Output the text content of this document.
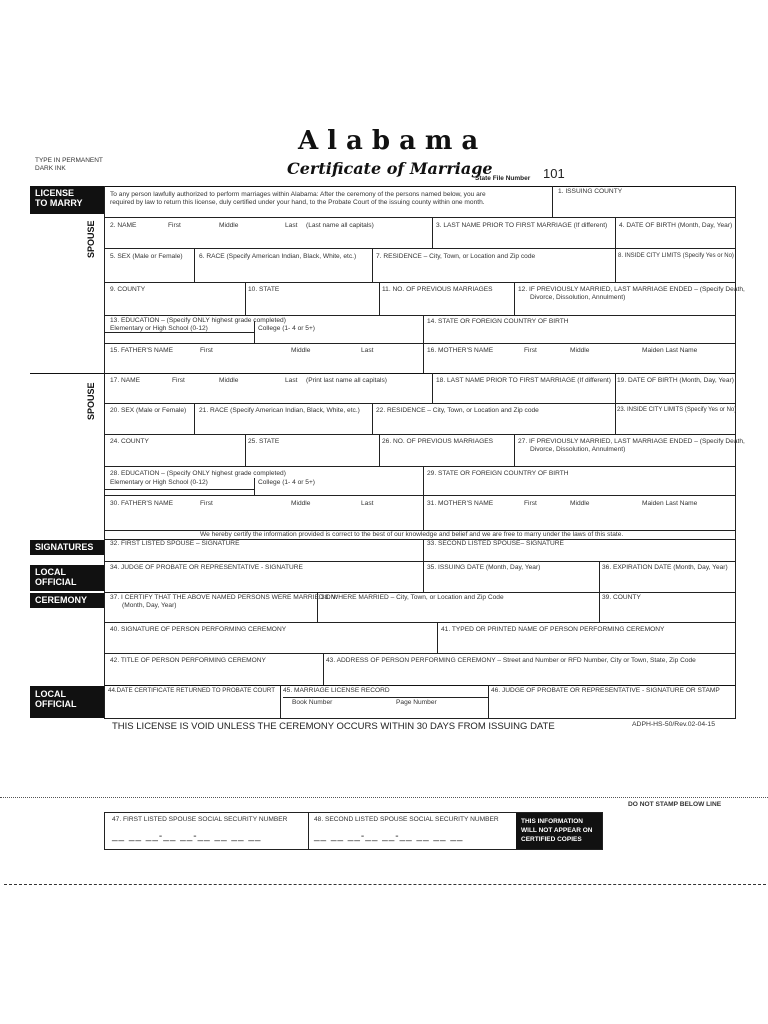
Alabama
Certificate of Marriage
State File Number 101
TYPE IN PERMANENT
DARK INK
LICENSE
TO MARRY
SPOUSE
SPOUSE
SIGNATURES
LOCAL
OFFICIAL
CEREMONY
LOCAL
OFFICIAL
To any person lawfully authorized to perform marriages within Alabama: After the ceremony of the persons named below, you are
required by law to return this license, duly certified under your hand, to the Probate Court of the issuing county within one month.
1. ISSUING COUNTY
2. NAME	First	Middle	Last (Last name all capitals)	3. LAST NAME PRIOR TO FIRST MARRIAGE (If different) 4. DATE OF BIRTH (Month, Day, Year)
5. SEX (Male or Female) 6. RACE (Specify American Indian, Black, White, etc.)	7. RESIDENCE – City, Town, or Location and Zip code	8. INSIDE CITY LIMITS (Specify Yes or No)
9. COUNTY	10. STATE	11. NO. OF PREVIOUS MARRIAGES	12. IF PREVIOUSLY MARRIED, LAST MARRIAGE ENDED – (Specify Death,
Divorce, Dissolution, Annulment)
13. EDUCATION – (Specify ONLY highest grade completed)
Elementary or High School (0-12)	College (1- 4 or 5+)
14. STATE OR FOREIGN COUNTRY OF BIRTH
15. FATHER'S NAME	First	Middle	Last	16. MOTHER'S NAME	First	Middle	Maiden Last Name
17. NAME	First	Middle	Last (Print last name all capitals)	18. LAST NAME PRIOR TO FIRST MARRIAGE (If different) 19. DATE OF BIRTH (Month, Day, Year)
20. SEX (Male or Female) 21. RACE (Specify American Indian, Black, White, etc.) 22. RESIDENCE – City, Town, or Location and Zip code	23. INSIDE CITY LIMITS (Specify Yes or No)
24. COUNTY	25. STATE	26. NO. OF PREVIOUS MARRIAGES	27. IF PREVIOUSLY MARRIED, LAST MARRIAGE ENDED – (Specify Death,
Divorce, Dissolution, Annulment)
28. EDUCATION – (Specify ONLY highest grade completed)
Elementary or High School (0-12)	College (1- 4 or 5+)
29. STATE OR FOREIGN COUNTRY OF BIRTH
30. FATHER'S NAME	First	Middle	Last	31. MOTHER'S NAME	First	Middle	Maiden Last Name
We hereby certify the information provided is correct to the best of our knowledge and belief and we are free to marry under the laws of this state.
32. FIRST LISTED SPOUSE – SIGNATURE	33. SECOND LISTED SPOUSE– SIGNATURE
34. JUDGE OF PROBATE OR REPRESENTATIVE - SIGNATURE	35. ISSUING DATE (Month, Day, Year)	36. EXPIRATION DATE (Month, Day, Year)
37. I CERTIFY THAT THE ABOVE NAMED PERSONS WERE MARRIED ON:
(Month, Day, Year)
38. WHERE MARRIED – City, Town, or Location and Zip Code	39. COUNTY
40. SIGNATURE OF PERSON PERFORMING CEREMONY	41. TYPED OR PRINTED NAME OF PERSON PERFORMING CEREMONY
42. TITLE OF PERSON PERFORMING CEREMONY	43. ADDRESS OF PERSON PERFORMING CEREMONY – Street and Number or RFD Number, City or Town, State, Zip Code
44.DATE CERTIFICATE RETURNED TO PROBATE COURT 45. MARRIAGE LICENSE RECORD
Book Number	Page Number
46. JUDGE OF PROBATE OR REPRESENTATIVE - SIGNATURE OR STAMP
THIS LICENSE IS VOID UNLESS THE CEREMONY OCCURS WITHIN 30 DAYS FROM ISSUING DATE	ADPH-HS-50/Rev.02-04-15
DO NOT STAMP BELOW LINE
47. FIRST LISTED SPOUSE SOCIAL SECURITY NUMBER
__ __ __-__ __-__ __ __ __
48. SECOND LISTED SPOUSE SOCIAL SECURITY NUMBER
__ __ __-__ __-__ __ __ __
THIS INFORMATION
WILL NOT APPEAR ON
CERTIFIED COPIES
